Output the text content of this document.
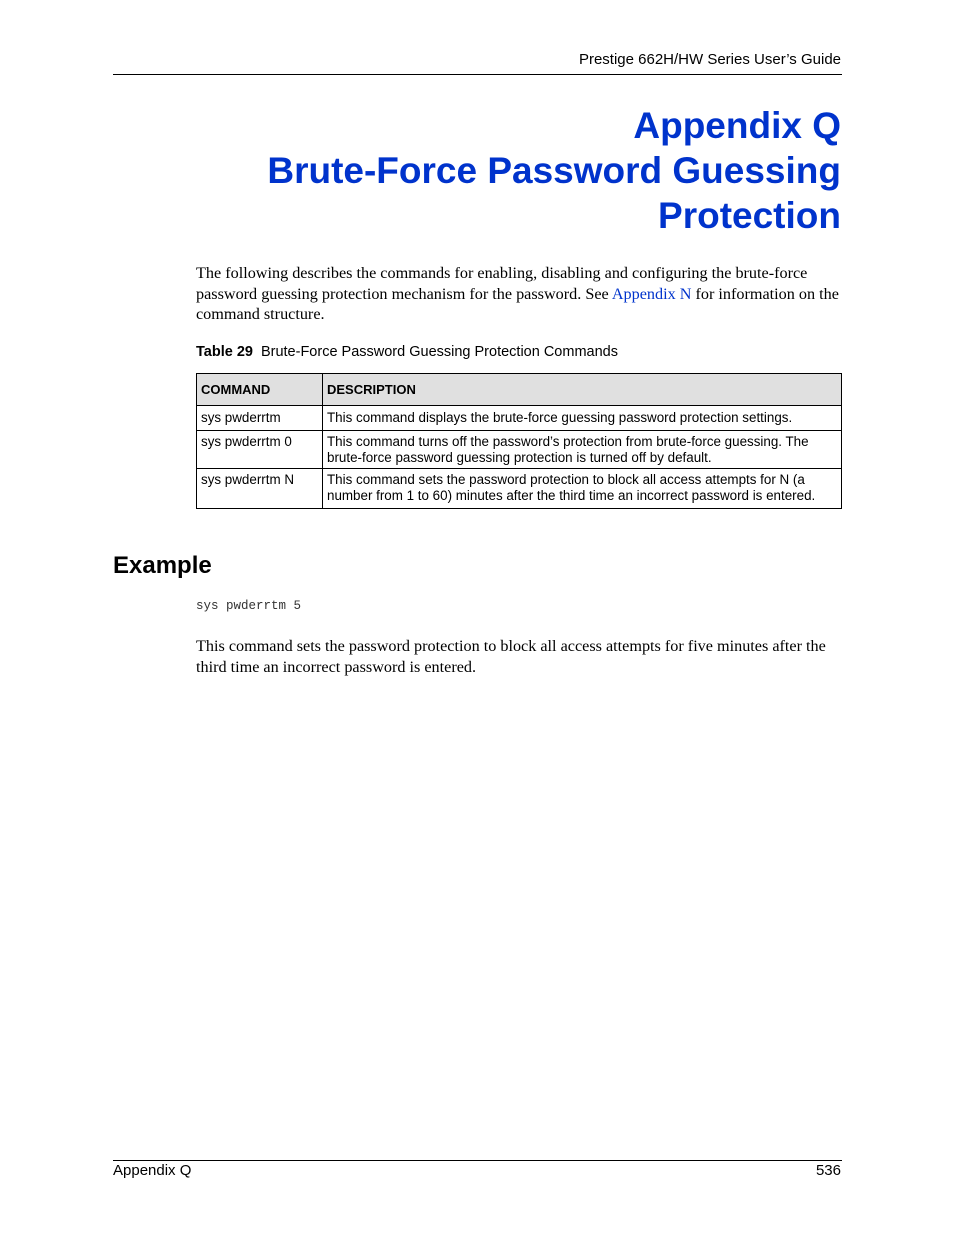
Prestige 662H/HW Series User’s Guide
Appendix Q
Brute-Force Password Guessing
Protection

The following describes the commands for enabling, disabling and configuring the brute-force password guessing protection mechanism for the password. See Appendix N for information on the command structure.

Table 29 Brute-Force Password Guessing Protection Commands
COMMAND	DESCRIPTION
sys pwderrtm	This command displays the brute-force guessing password protection settings.
sys pwderrtm 0	This command turns off the password’s protection from brute-force guessing. The brute-force password guessing protection is turned off by default.
sys pwderrtm N	This command sets the password protection to block all access attempts for N (a number from 1 to 60) minutes after the third time an incorrect password is entered.
Example
sys pwderrtm 5

This command sets the password protection to block all access attempts for five minutes after the third time an incorrect password is entered.

Appendix Q	536
